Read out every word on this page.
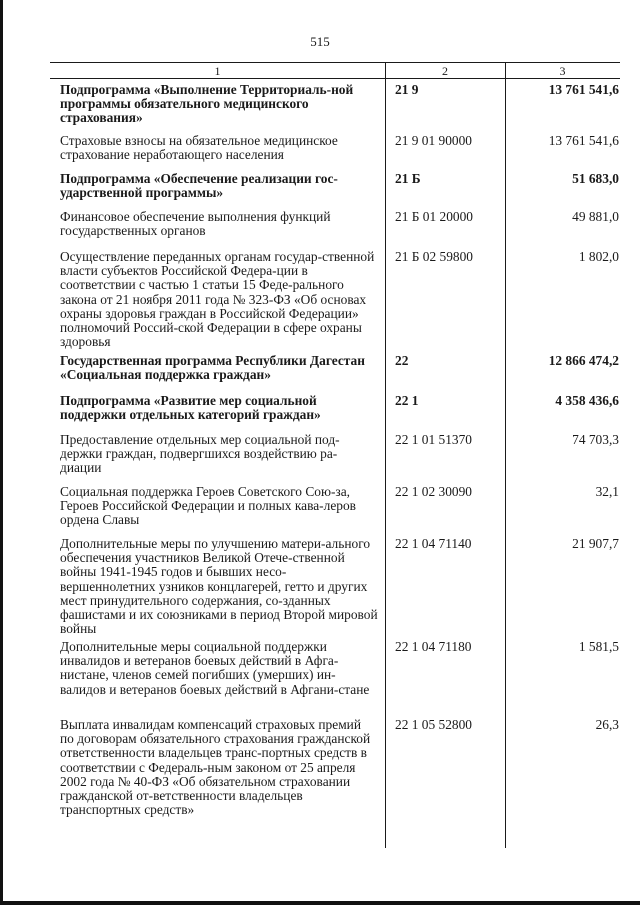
515
1	2	3
Подпрограмма «Выполнение Территориаль-ной программы обязательного медицинского страхования»
21 9	13 761 541,6
Страховые взносы на обязательное медицинское страхование неработающего населения
21 9 01 90000	13 761 541,6
Подпрограмма «Обеспечение реализации гос-ударственной программы»
21 Б	51 683,0
Финансовое обеспечение выполнения функций государственных органов
21 Б 01 20000	49 881,0
Осуществление переданных органам государ-ственной власти субъектов Российской Федера-ции в соответствии с частью 1 статьи 15 Феде-рального закона от 21 ноября 2011 года № 323-ФЗ «Об основах охраны здоровья граждан в Российской Федерации» полномочий Россий-ской Федерации в сфере охраны здоровья
21 Б 02 59800	1 802,0
Государственная программа Республики Дагестан «Социальная поддержка граждан»
22	12 866 474,2
Подпрограмма «Развитие мер социальной поддержки отдельных категорий граждан»
22 1	4 358 436,6
Предоставление отдельных мер социальной под-держки граждан, подвергшихся воздействию ра-диации
22 1 01 51370	74 703,3
Социальная поддержка Героев Советского Сою-за, Героев Российской Федерации и полных кава-леров ордена Славы
22 1 02 30090	32,1
Дополнительные меры по улучшению матери-ального обеспечения участников Великой Отече-ственной войны 1941-1945 годов и бывших несо-вершеннолетних узников концлагерей, гетто и других мест принудительного содержания, со-зданных фашистами и их союзниками в период Второй мировой войны
22 1 04 71140	21 907,7
Дополнительные меры социальной поддержки инвалидов и ветеранов боевых действий в Афга-нистане, членов семей погибших (умерших) ин-валидов и ветеранов боевых действий в Афгани-стане
22 1 04 71180	1 581,5
Выплата инвалидам компенсаций страховых премий по договорам обязательного страхования гражданской ответственности владельцев транс-портных средств в соответствии с Федераль-ным законом от 25 апреля 2002 года № 40-ФЗ «Об обязательном страховании гражданской от-ветственности владельцев транспортных средств»
22 1 05 52800	26,3
